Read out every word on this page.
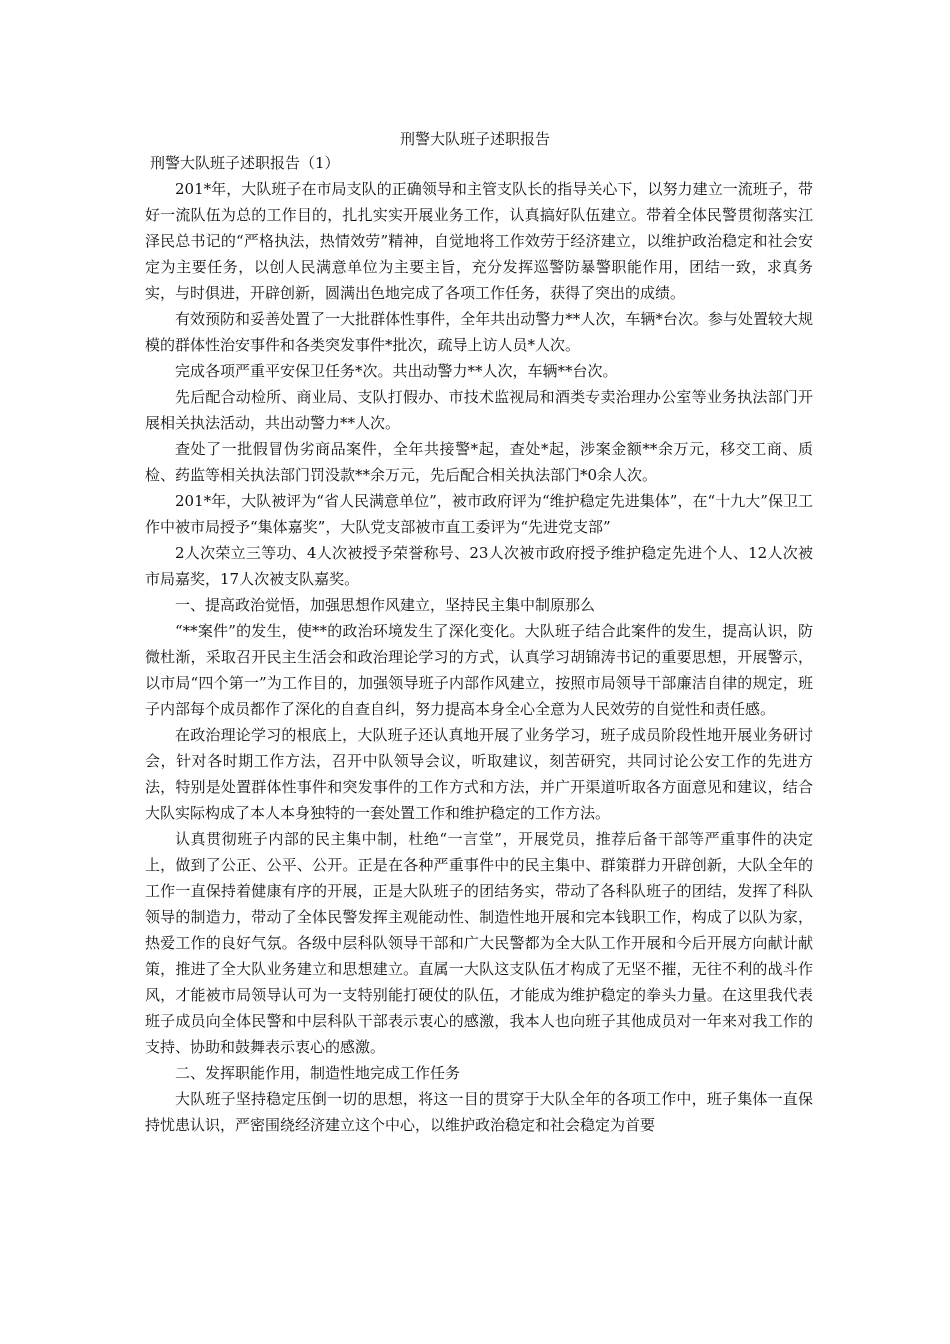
刑警大队班子述职报告
刑警大队班子述职报告（1）

201*年，大队班子在市局支队的正确领导和主管支队长的指导关心下，以努力建立一流班子，带好一流队伍为总的工作目的，扎扎实实开展业务工作，认真搞好队伍建立。带着全体民警贯彻落实江泽民总书记的“严格执法，热情效劳”精神，自觉地将工作效劳于经济建立，以维护政治稳定和社会安定为主要任务，以创人民满意单位为主要主旨，充分发挥巡警防暴警职能作用，团结一致，求真务实，与时俱进，开辟创新，圆满出色地完成了各项工作任务，获得了突出的成绩。

有效预防和妥善处置了一大批群体性事件，全年共出动警力**人次，车辆*台次。参与处置较大规模的群体性治安事件和各类突发事件*批次，疏导上访人员*人次。

完成各项严重平安保卫任务*次。共出动警力**人次，车辆**台次。

先后配合动检所、商业局、支队打假办、市技术监视局和酒类专卖治理办公室等业务执法部门开展相关执法活动，共出动警力**人次。

查处了一批假冒伪劣商品案件，全年共接警*起，查处*起，涉案金额**余万元，移交工商、质检、药监等相关执法部门罚没款**余万元，先后配合相关执法部门*0余人次。

201*年，大队被评为“省人民满意单位”，被市政府评为“维护稳定先进集体”，在“十九大”保卫工作中被市局授予“集体嘉奖”，大队党支部被市直工委评为“先进党支部”

2人次荣立三等功、4人次被授予荣誉称号、23人次被市政府授予维护稳定先进个人、12人次被市局嘉奖，17人次被支队嘉奖。

一、提高政治觉悟，加强思想作风建立，坚持民主集中制原那么

“**案件”的发生，使**的政治环境发生了深化变化。大队班子结合此案件的发生，提高认识，防微杜渐，采取召开民主生活会和政治理论学习的方式，认真学习胡锦涛书记的重要思想，开展警示，以市局“四个第一”为工作目的，加强领导班子内部作风建立，按照市局领导干部廉洁自律的规定，班子内部每个成员都作了深化的自查自纠，努力提高本身全心全意为人民效劳的自觉性和责任感。

在政治理论学习的根底上，大队班子还认真地开展了业务学习，班子成员阶段性地开展业务研讨会，针对各时期工作方法，召开中队领导会议，听取建议，刻苦研究，共同讨论公安工作的先进方法，特别是处置群体性事件和突发事件的工作方式和方法，并广开渠道听取各方面意见和建议，结合大队实际构成了本人本身独特的一套处置工作和维护稳定的工作方法。

认真贯彻班子内部的民主集中制，杜绝“一言堂”，开展党员，推荐后备干部等严重事件的决定上，做到了公正、公平、公开。正是在各种严重事件中的民主集中、群策群力开辟创新，大队全年的工作一直保持着健康有序的开展，正是大队班子的团结务实，带动了各科队班子的团结，发挥了科队领导的制造力，带动了全体民警发挥主观能动性、制造性地开展和完本钱职工作，构成了以队为家，热爱工作的良好气氛。各级中层科队领导干部和广大民警都为全大队工作开展和今后开展方向献计献策，推进了全大队业务建立和思想建立。直属一大队这支队伍才构成了无坚不摧，无往不利的战斗作风，才能被市局领导认可为一支特别能打硬仗的队伍，才能成为维护稳定的拳头力量。在这里我代表班子成员向全体民警和中层科队干部表示衷心的感激，我本人也向班子其他成员对一年来对我工作的支持、协助和鼓舞表示衷心的感激。

二、发挥职能作用，制造性地完成工作任务

大队班子坚持稳定压倒一切的思想，将这一目的贯穿于大队全年的各项工作中，班子集体一直保持忧患认识，严密围绕经济建立这个中心，以维护政治稳定和社会稳定为首要
